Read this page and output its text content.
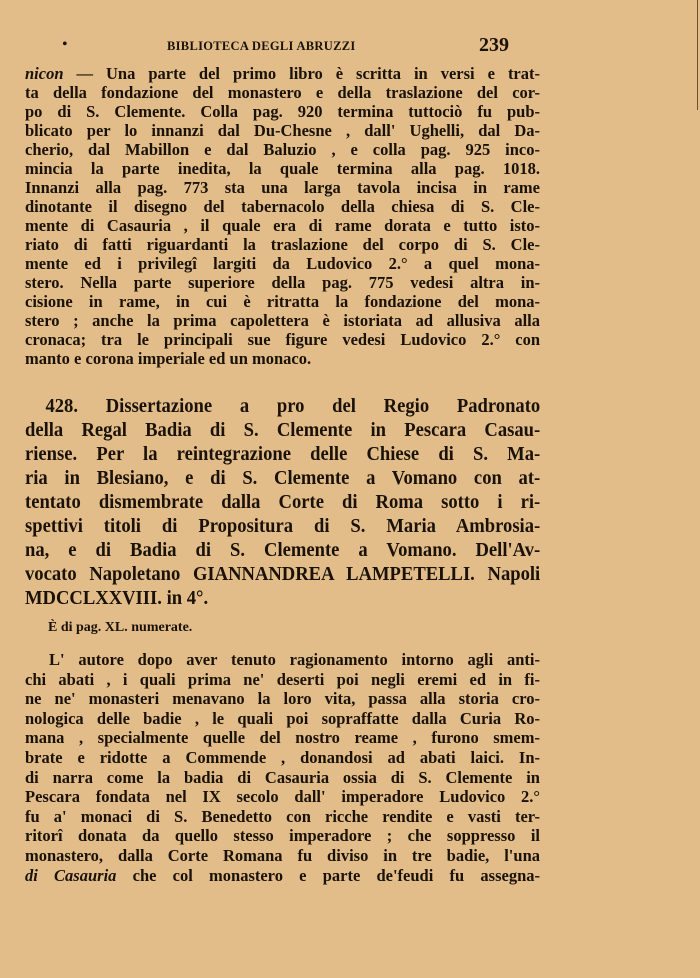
•	BIBLIOTECA DEGLI ABRUZZI	239
nicon — Una parte del primo libro è scritta in versi e trat-
ta della fondazione del monastero e della traslazione del cor-
po di S. Clemente. Colla pag. 920 termina tuttociò fu pub-
blicato per lo innanzi dal Du-Chesne , dall' Ughelli, dal Da-
cherio, dal Mabillon e dal Baluzio , e colla pag. 925 inco-
mincia la parte inedita, la quale termina alla pag. 1018.
Innanzi alla pag. 773 sta una larga tavola incisa in rame
dinotante il disegno del tabernacolo della chiesa di S. Cle-
mente di Casauria , il quale era di rame dorata e tutto isto-
riato di fatti riguardanti la traslazione del corpo di S. Cle-
mente ed i privilegî largiti da Ludovico 2.° a quel mona-
stero. Nella parte superiore della pag. 775 vedesi altra in-
cisione in rame, in cui è ritratta la fondazione del mona-
stero ; anche la prima capolettera è istoriata ad allusiva alla
cronaca; tra le principali sue figure vedesi Ludovico 2.° con
manto e corona imperiale ed un monaco.
428. Dissertazione a pro del Regio Padronato
della Regal Badia di S. Clemente in Pescara Casau-
riense. Per la reintegrazione delle Chiese di S. Ma-
ria in Blesiano, e di S. Clemente a Vomano con at-
tentato dismembrate dalla Corte di Roma sotto i ri-
spettivi titoli di Propositura di S. Maria Ambrosia-
na, e di Badia di S. Clemente a Vomano. Dell'Av-
vocato Napoletano GIANNANDREA LAMPETELLI. Napoli
MDCCLXXVIII. in 4°.
È di pag. XL. numerate.
L' autore dopo aver tenuto ragionamento intorno agli anti-
chi abati , i quali prima ne' deserti poi negli eremi ed in fi-
ne ne' monasteri menavano la loro vita, passa alla storia cro-
nologica delle badie , le quali poi sopraffatte dalla Curia Ro-
mana , specialmente quelle del nostro reame , furono smem-
brate e ridotte a Commende , donandosi ad abati laici. In-
di narra come la badia di Casauria ossia di S. Clemente in
Pescara fondata nel IX secolo dall' imperadore Ludovico 2.°
fu a' monaci di S. Benedetto con ricche rendite e vasti ter-
ritorî donata da quello stesso imperadore ; che soppresso il
monastero, dalla Corte Romana fu diviso in tre badie, l'una
di Casauria che col monastero e parte de'feudi fu assegna-
